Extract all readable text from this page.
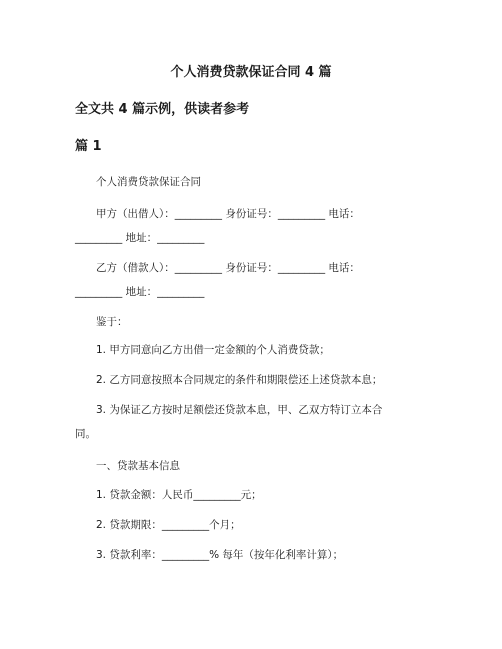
个人消费贷款保证合同 4 篇
全文共 4 篇示例，供读者参考
篇 1
个人消费贷款保证合同
甲方（出借人）：_________ 身份证号：_________ 电话：
_________ 地址：_________
乙方（借款人）：_________ 身份证号：_________ 电话：
_________ 地址：_________
鉴于：
1. 甲方同意向乙方出借一定金额的个人消费贷款；
2. 乙方同意按照本合同规定的条件和期限偿还上述贷款本息；
3. 为保证乙方按时足额偿还贷款本息，甲、乙双方特订立本合
同。
一、贷款基本信息
1. 贷款金额：人民币_________元；
2. 贷款期限：_________个月；
3. 贷款利率：_________% 每年（按年化利率计算）；
